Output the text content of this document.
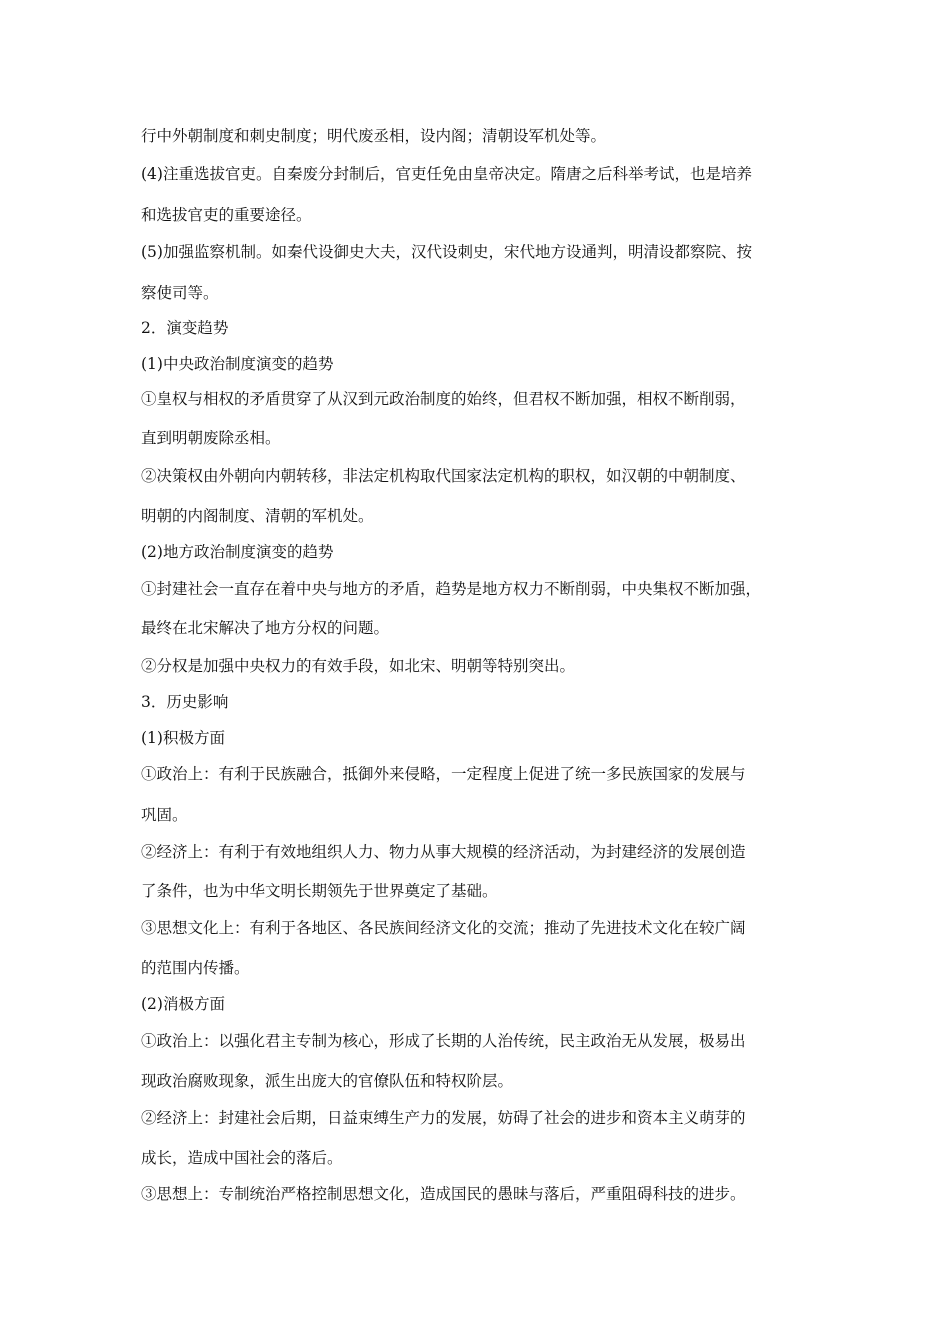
行中外朝制度和刺史制度；明代废丞相，设内阁；清朝设军机处等。

(4)注重选拔官吏。自秦废分封制后，官吏任免由皇帝决定。隋唐之后科举考试，也是培养

和选拔官吏的重要途径。

(5)加强监察机制。如秦代设御史大夫，汉代设刺史，宋代地方设通判，明清设都察院、按

察使司等。

2．演变趋势

(1)中央政治制度演变的趋势

①皇权与相权的矛盾贯穿了从汉到元政治制度的始终，但君权不断加强，相权不断削弱，

直到明朝废除丞相。

②决策权由外朝向内朝转移，非法定机构取代国家法定机构的职权，如汉朝的中朝制度、

明朝的内阁制度、清朝的军机处。

(2)地方政治制度演变的趋势

①封建社会一直存在着中央与地方的矛盾，趋势是地方权力不断削弱，中央集权不断加强，

最终在北宋解决了地方分权的问题。

②分权是加强中央权力的有效手段，如北宋、明朝等特别突出。

3．历史影响

(1)积极方面

①政治上：有利于民族融合，抵御外来侵略，一定程度上促进了统一多民族国家的发展与

巩固。

②经济上：有利于有效地组织人力、物力从事大规模的经济活动，为封建经济的发展创造

了条件，也为中华文明长期领先于世界奠定了基础。

③思想文化上：有利于各地区、各民族间经济文化的交流；推动了先进技术文化在较广阔

的范围内传播。

(2)消极方面

①政治上：以强化君主专制为核心，形成了长期的人治传统，民主政治无从发展，极易出

现政治腐败现象，派生出庞大的官僚队伍和特权阶层。

②经济上：封建社会后期，日益束缚生产力的发展，妨碍了社会的进步和资本主义萌芽的

成长，造成中国社会的落后。

③思想上：专制统治严格控制思想文化，造成国民的愚昧与落后，严重阻碍科技的进步。
